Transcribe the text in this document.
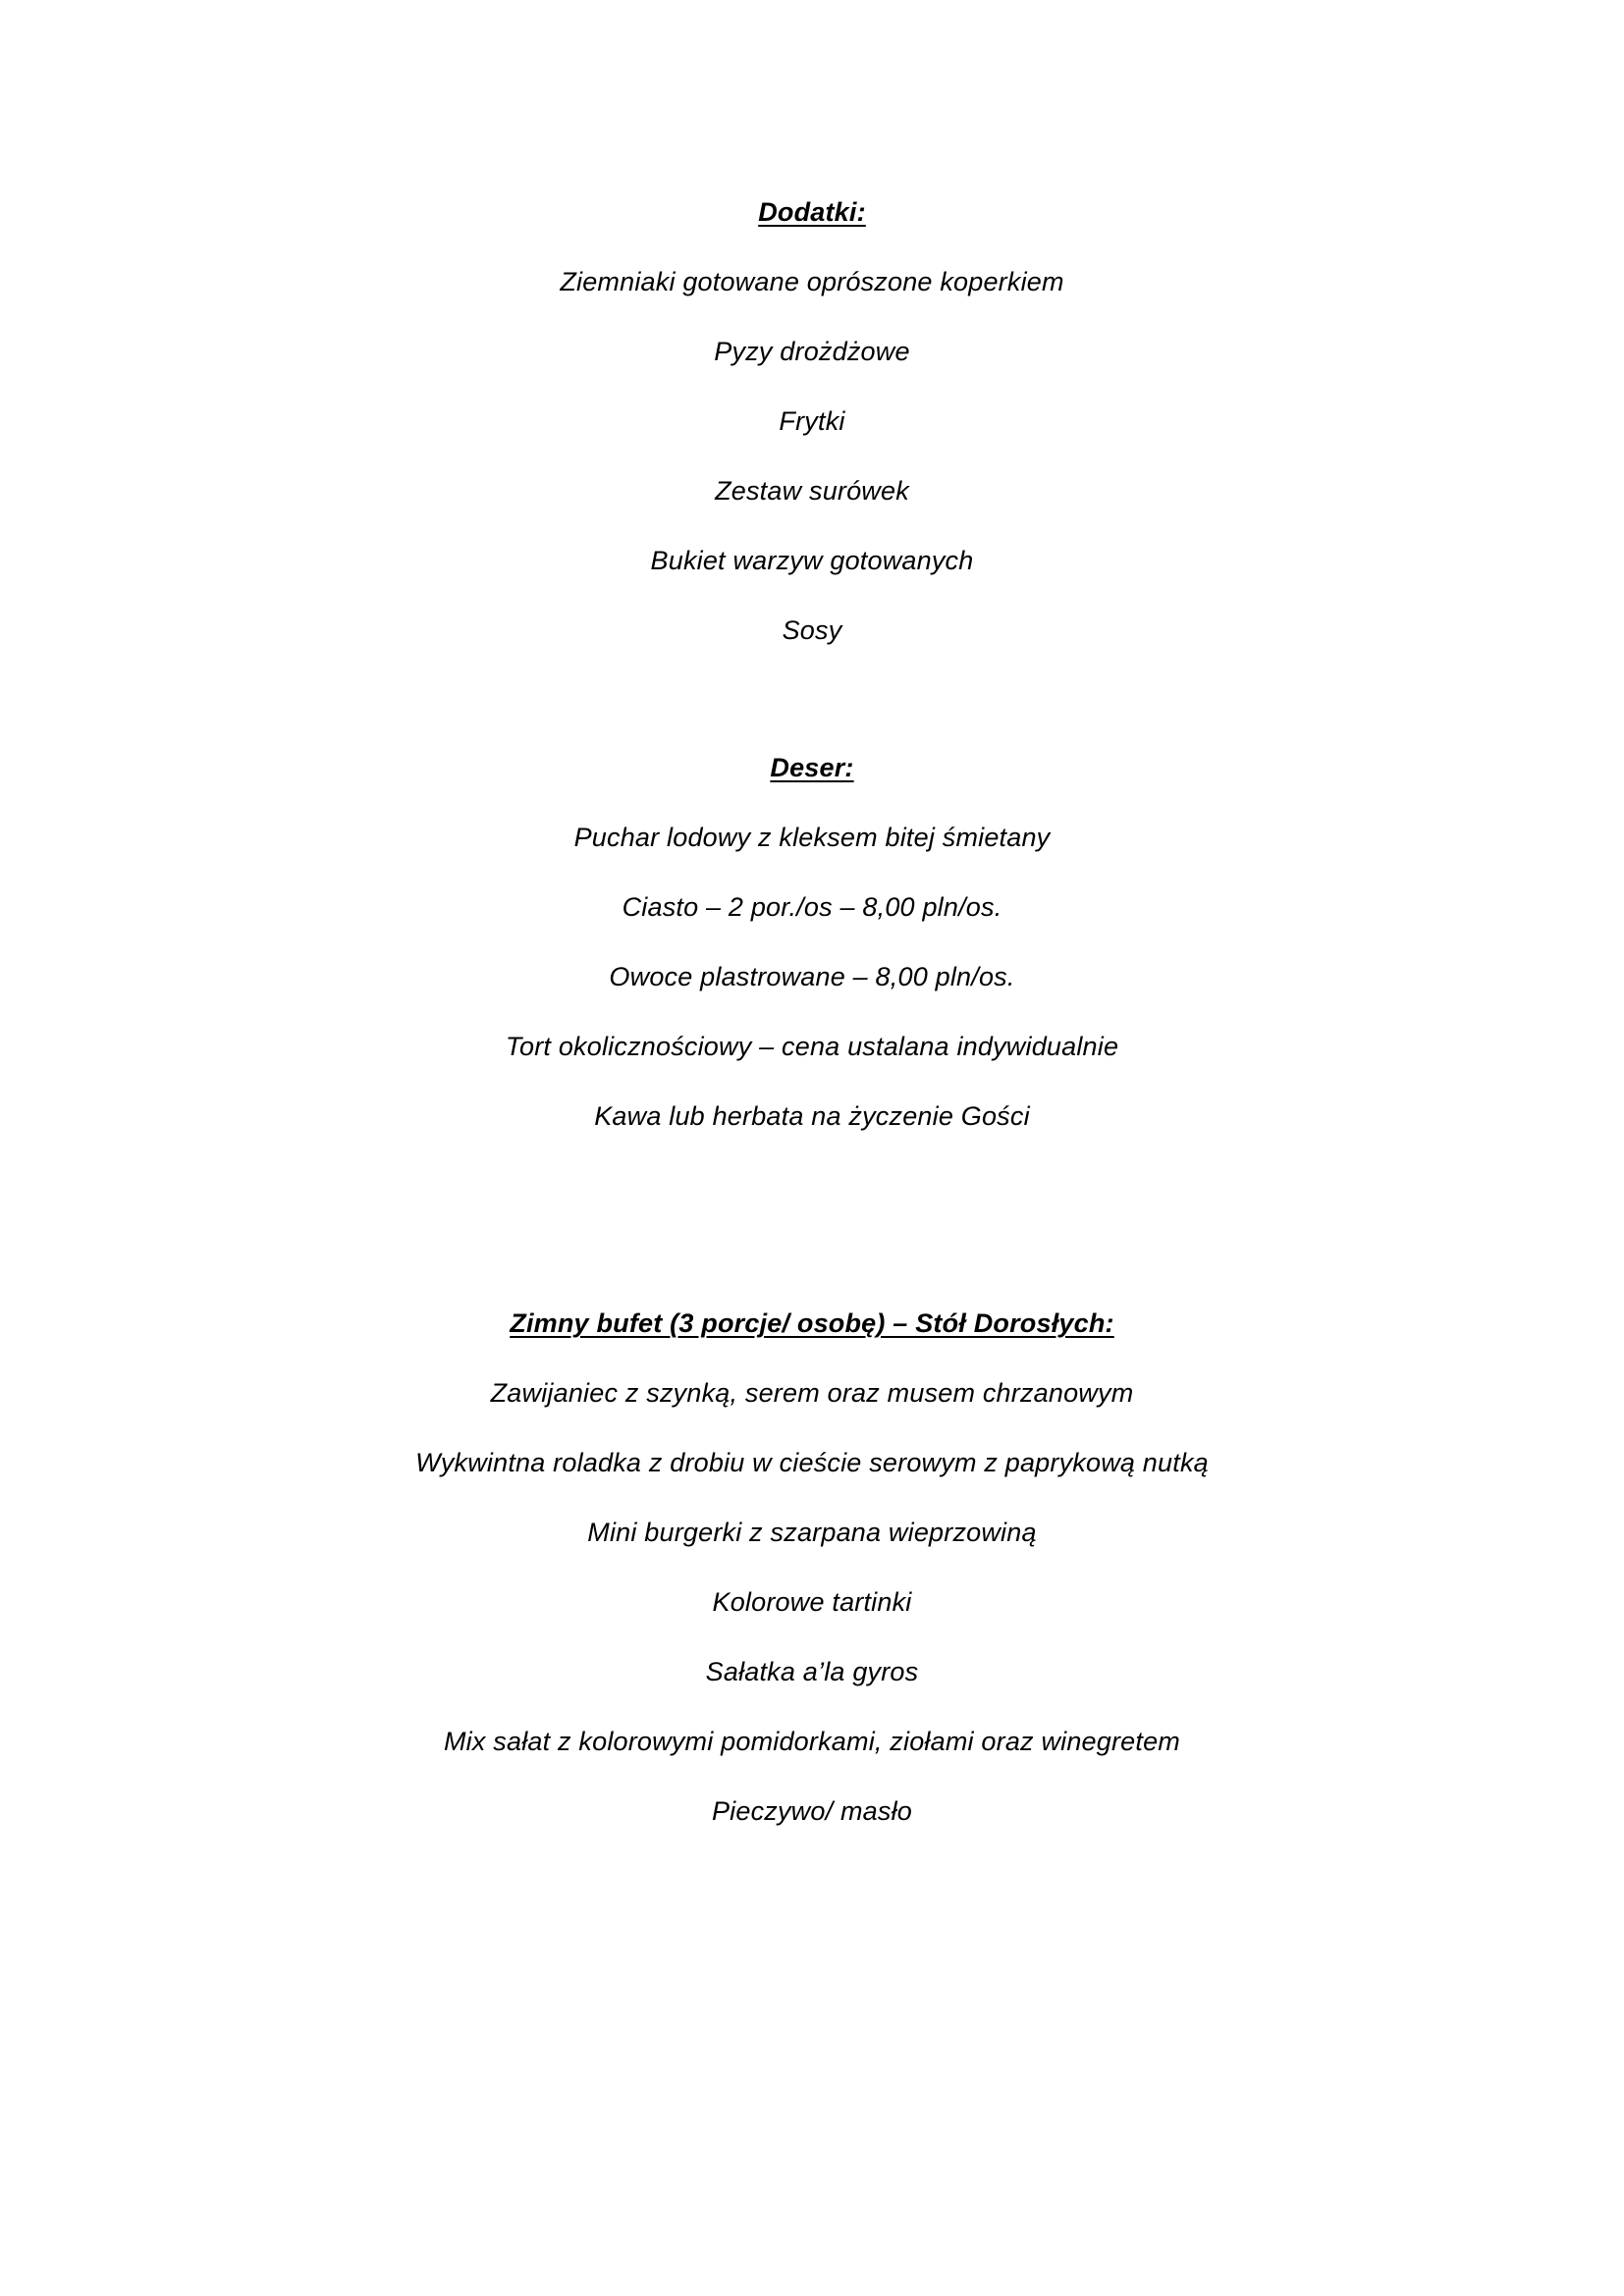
Dodatki:

Ziemniaki gotowane oprószone koperkiem

Pyzy drożdżowe

Frytki

Zestaw surówek

Bukiet warzyw gotowanych

Sosy

Deser:

Puchar lodowy z kleksem bitej śmietany

Ciasto – 2 por./os – 8,00 pln/os.

Owoce plastrowane – 8,00 pln/os.

Tort okolicznościowy – cena ustalana indywidualnie

Kawa lub herbata na życzenie Gości

Zimny bufet (3 porcje/ osobę) – Stół Dorosłych:

Zawijaniec z szynką, serem oraz musem chrzanowym

Wykwintna roladka z drobiu w cieście serowym z paprykową nutką

Mini burgerki z szarpana wieprzowiną

Kolorowe tartinki

Sałatka a’la gyros

Mix sałat z kolorowymi pomidorkami, ziołami oraz winegretem

Pieczywo/ masło
